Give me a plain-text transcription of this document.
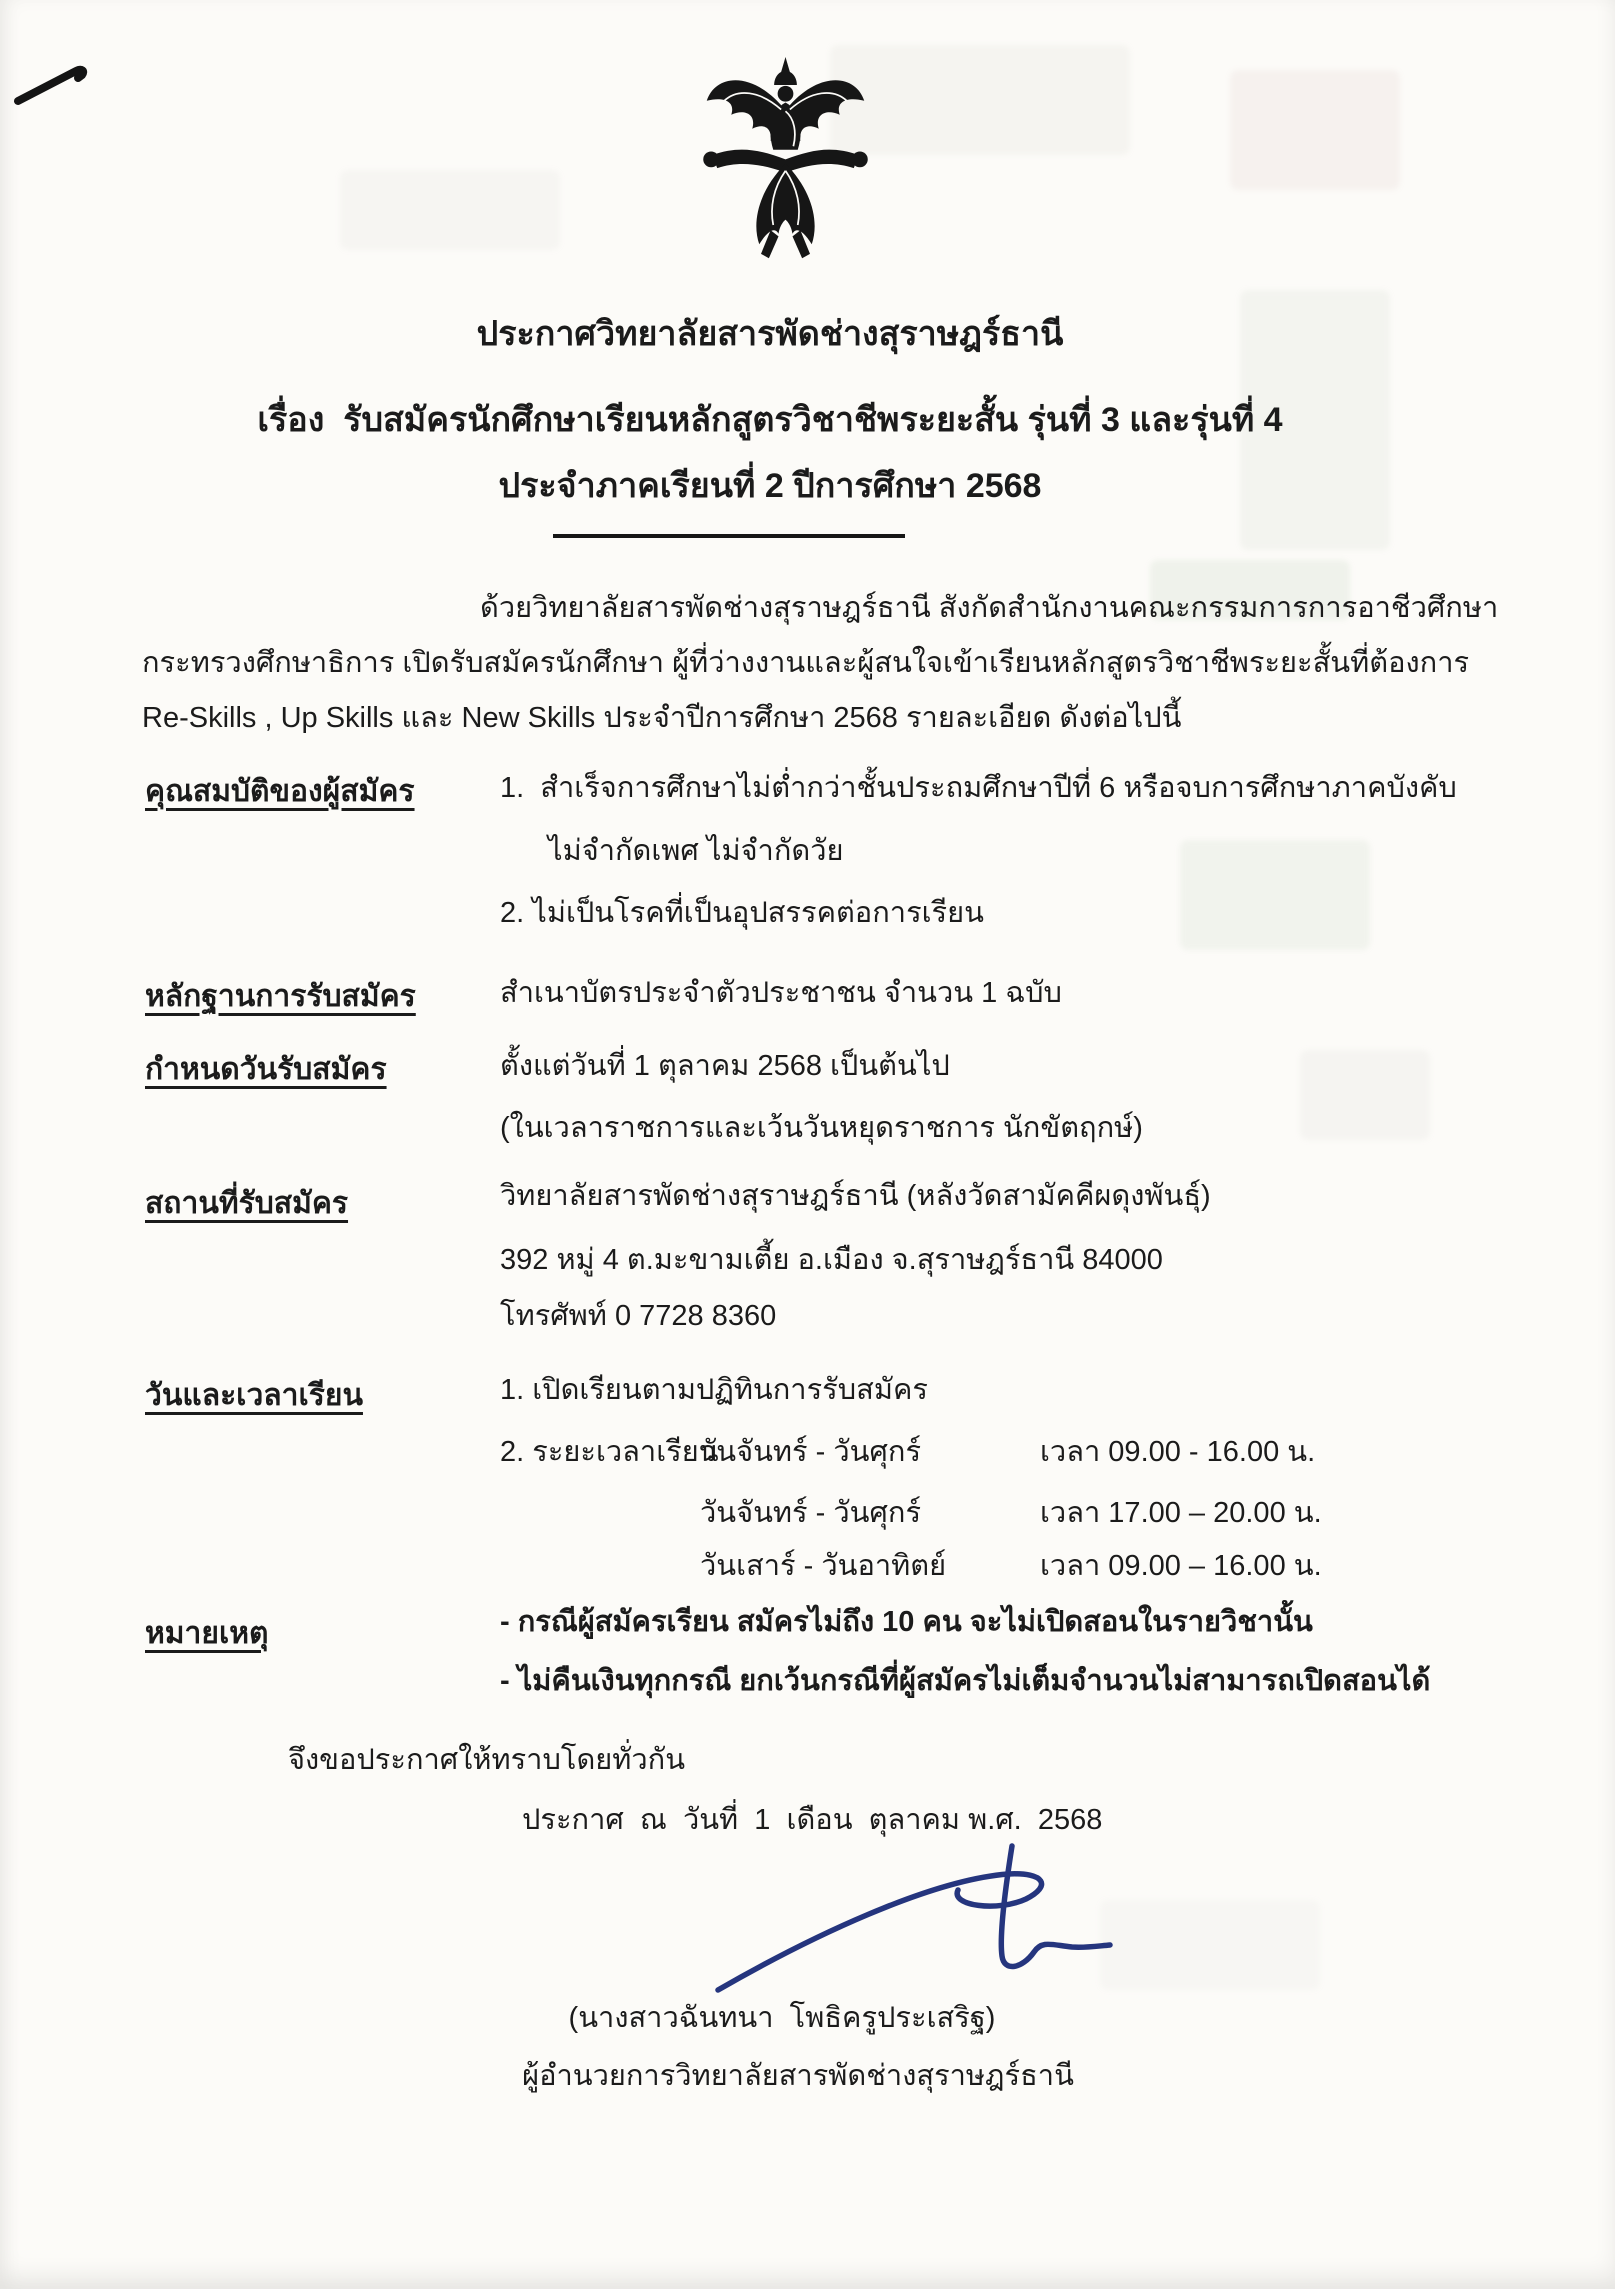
ประกาศวิทยาลัยสารพัดช่างสุราษฎร์ธานี
เรื่อง  รับสมัครนักศึกษาเรียนหลักสูตรวิชาชีพระยะสั้น รุ่นที่ 3 และรุ่นที่ 4
ประจำภาคเรียนที่ 2 ปีการศึกษา 2568
ด้วยวิทยาลัยสารพัดช่างสุราษฎร์ธานี สังกัดสำนักงานคณะกรรมการการอาชีวศึกษา
กระทรวงศึกษาธิการ เปิดรับสมัครนักศึกษา ผู้ที่ว่างงานและผู้สนใจเข้าเรียนหลักสูตรวิชาชีพระยะสั้นที่ต้องการ
Re-Skills , Up Skills และ New Skills ประจำปีการศึกษา 2568 รายละเอียด ดังต่อไปนี้
คุณสมบัติของผู้สมัคร	1.  สำเร็จการศึกษาไม่ต่ำกว่าชั้นประถมศึกษาปีที่ 6 หรือจบการศึกษาภาคบังคับ
ไม่จำกัดเพศ ไม่จำกัดวัย
2. ไม่เป็นโรคที่เป็นอุปสรรคต่อการเรียน
หลักฐานการรับสมัคร	สำเนาบัตรประจำตัวประชาชน จำนวน 1 ฉบับ
กำหนดวันรับสมัคร	ตั้งแต่วันที่ 1 ตุลาคม 2568 เป็นต้นไป
(ในเวลาราชการและเว้นวันหยุดราชการ นักขัตฤกษ์)
สถานที่รับสมัคร	วิทยาลัยสารพัดช่างสุราษฎร์ธานี (หลังวัดสามัคคีผดุงพันธุ์)
392 หมู่ 4 ต.มะขามเตี้ย อ.เมือง จ.สุราษฎร์ธานี 84000
โทรศัพท์ 0 7728 8360
วันและเวลาเรียน	1. เปิดเรียนตามปฏิทินการรับสมัคร
2. ระยะเวลาเรียน
วันจันทร์ - วันศุกร์	เวลา 09.00 - 16.00 น.
วันจันทร์ - วันศุกร์	เวลา 17.00 – 20.00 น.
วันเสาร์ - วันอาทิตย์	เวลา 09.00 – 16.00 น.
หมายเหตุ	- กรณีผู้สมัครเรียน สมัครไม่ถึง 10 คน จะไม่เปิดสอนในรายวิชานั้น
- ไม่คืนเงินทุกกรณี ยกเว้นกรณีที่ผู้สมัครไม่เต็มจำนวนไม่สามารถเปิดสอนได้
จึงขอประกาศให้ทราบโดยทั่วกัน
ประกาศ  ณ  วันที่  1  เดือน  ตุลาคม พ.ศ.  2568
(นางสาวฉันทนา  โพธิครูประเสริฐ)
ผู้อำนวยการวิทยาลัยสารพัดช่างสุราษฎร์ธานี
